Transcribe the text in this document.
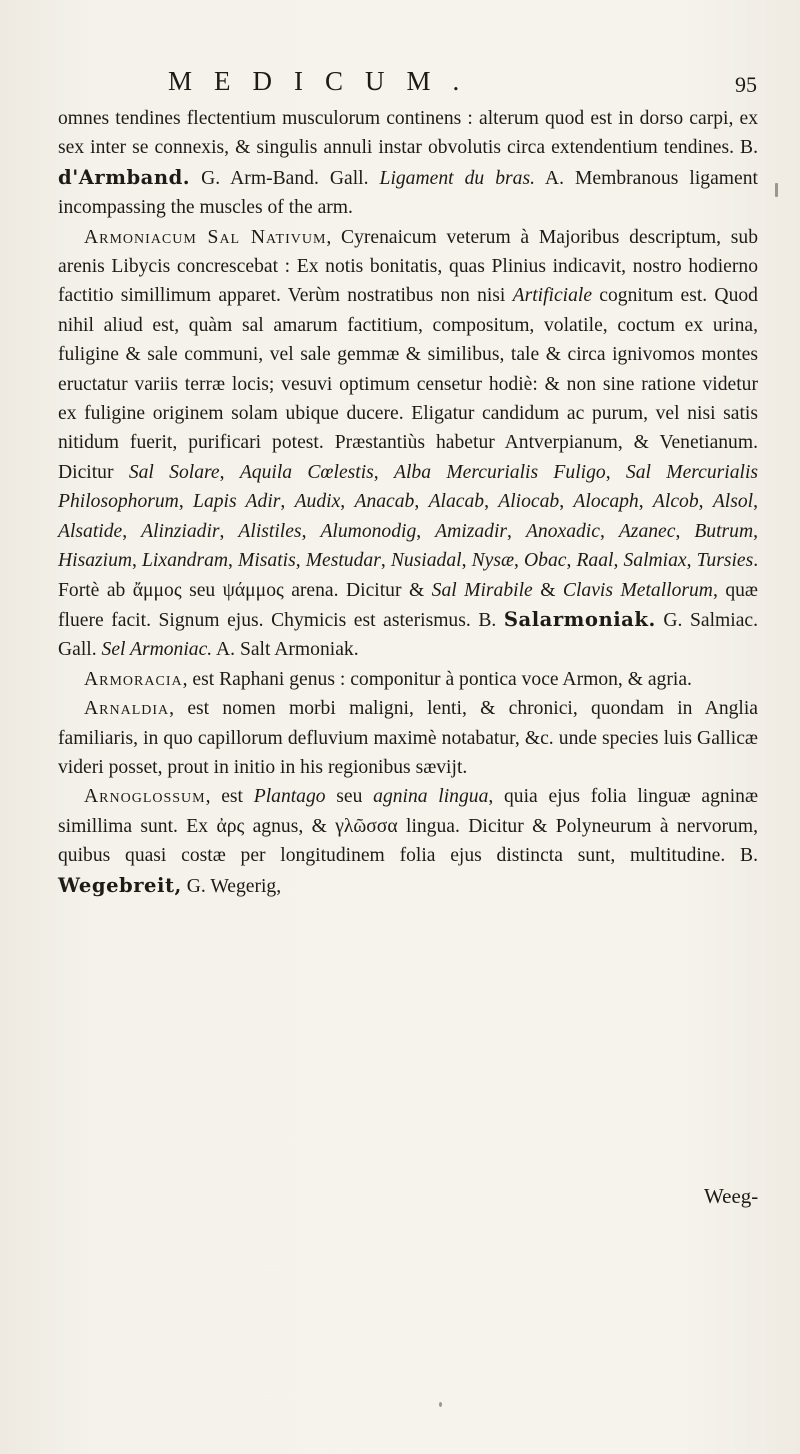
MEDICUM.	95

omnes tendines flectentium musculorum continens : alterum quod est in dorso carpi, ex sex inter se connexis, & singulis annuli instar obvolutis circa extendentium tendines. B. d'Armband. G. Arm-Band. Gall. Ligament du bras. A. Membranous ligament incompassing the muscles of the arm.

Armoniacum Sal Nativum, Cyrenaicum veterum à Majoribus descriptum, sub arenis Libycis concrescebat : Ex notis bonitatis, quas Plinius indicavit, nostro hodierno factitio simillimum apparet. Verùm nostratibus non nisi Artificiale cognitum est. Quod nihil aliud est, quàm sal amarum factitium, compositum, volatile, coctum ex urina, fuligine & sale communi, vel sale gemmæ & similibus, tale & circa ignivomos montes eructatur variis terræ locis; vesuvi optimum censetur hodiè: & non sine ratione videtur ex fuligine originem solam ubique ducere. Eligatur candidum ac purum, vel nisi satis nitidum fuerit, purificari potest. Præstantiùs habetur Antverpianum, & Venetianum. Dicitur Sal Solare, Aquila Cœlestis, Alba Mercurialis Fuligo, Sal Mercurialis Philosophorum, Lapis Adir, Audix, Anacab, Alacab, Aliocab, Alocaph, Alcob, Alsol, Alsatide, Alinziadir, Alistiles, Alumonodig, Amizadir, Anoxadic, Azanec, Butrum, Hisazium, Lixandram, Misatis, Mestudar, Nusiadal, Nysæ, Obac, Raal, Salmiax, Tursies. Fortè ab ἄμμος seu ψάμμος arena. Dicitur & Sal Mirabile & Clavis Metallorum, quæ fluere facit. Signum ejus. Chymicis est asterismus. B. Salarmoniak. G. Salmiac. Gall. Sel Armoniac. A. Salt Armoniak.

Armoracia, est Raphani genus : componitur à pontica voce Armon, & agria.

Arnaldia, est nomen morbi maligni, lenti, & chronici, quondam in Anglia familiaris, in quo capillorum defluvium maximè notabatur, &c. unde species luis Gallicæ videri posset, prout in initio in his regionibus sævijt.

Arnoglossum, est Plantago seu agnina lingua, quia ejus folia linguæ agninæ simillima sunt. Ex ἀρς agnus, & γλῶσσα lingua. Dicitur & Polyneurum à nervorum, quibus quasi costæ per longitudinem folia ejus distincta sunt, multitudine. B. Wegebreit, G. Wegerig,

Weeg-
